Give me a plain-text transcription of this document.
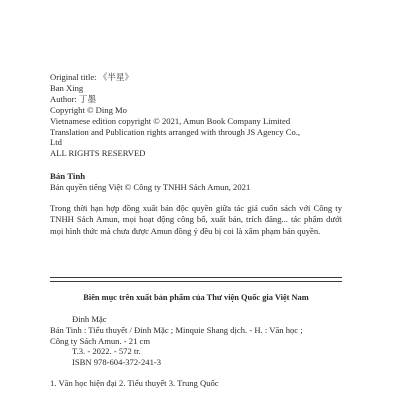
Original title: 《半星》
Ban Xing
Author: 丁墨
Copyright © Ding Mo
Vietnamese edition copyright © 2021, Amun Book Company Limited
Translation and Publication rights arranged with through JS Agency Co.,
Ltd
ALL RIGHTS RESERVED
Bán Tinh
Bản quyền tiếng Việt © Công ty TNHH Sách Amun, 2021
Trong thời hạn hợp đồng xuất bản độc quyền giữa tác giả cuốn sách với Công ty TNHH Sách Amun, mọi hoạt động công bố, xuất bản, trích đăng... tác phẩm dưới mọi hình thức mà chưa được Amun đồng ý đều bị coi là xâm phạm bản quyền.
Biên mục trên xuất bản phẩm của Thư viện Quốc gia Việt Nam
Đinh Mặc
Bán Tinh : Tiểu thuyết / Đinh Mặc ; Minquie Shang dịch. - H. : Văn học ; Công ty Sách Amun. - 21 cm
T.3. - 2022. - 572 tr.
ISBN 978-604-372-241-3
1. Văn học hiện đại 2. Tiểu thuyết 3. Trung Quốc
